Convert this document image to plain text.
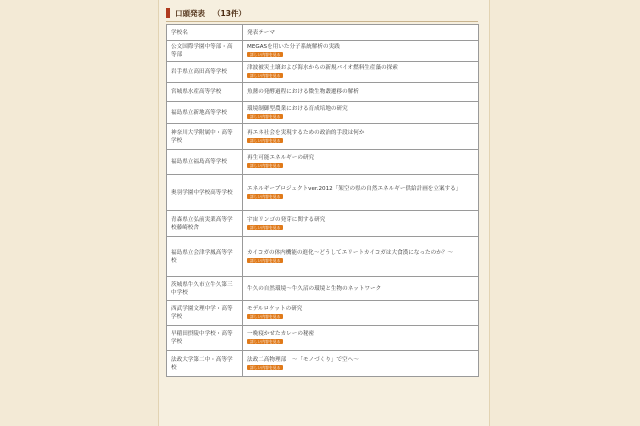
口頭発表 （13件）
学校名	発表テーマ
公文国際学園中等部・高等部	MEGASを用いた分子系統解析の実践
詳しい内容を見る
岩手県立高田高等学校	津波被災土壌および海水からの新規バイオ燃料生産藻の探索
詳しい内容を見る
宮城県水産高等学校	魚醤の発酵過程における微生物叢遷移の解析

福島県立新地高等学校	環境制御型農業における育成培地の研究
詳しい内容を見る
神奈川大学附属中・高等学校	再エネ社会を実現するための政治的手段は何か
詳しい内容を見る
福島県立福島高等学校	再生可能エネルギーの研究
詳しい内容を見る
奥羽学園中学校高等学校	エネルギープロジェクトver.2012「架空の県の自然エネルギー供給計画を立案する」
詳しい内容を見る
青森県立弘前実業高等学校藤崎校舎	宇宙リンゴの発芽に関する研究
詳しい内容を見る
福島県立会津学鳳高等学校	カイコガの体内機能の進化～どうしてエリートカイコガは大食漢になったのか？～
詳しい内容を見る
茨城県牛久市立牛久第三中学校	牛久の自然環境～牛久沼の環境と生物のネットワーク

西武学園文理中学・高等学校	モデルロケットの研究
詳しい内容を見る
早稲田摂陵中学校・高等学校	一晩寝かせたカレーの秘密
詳しい内容を見る
法政大学第二中・高等学校	法政二高物理部　～「モノづくり」で空へ～
詳しい内容を見る
